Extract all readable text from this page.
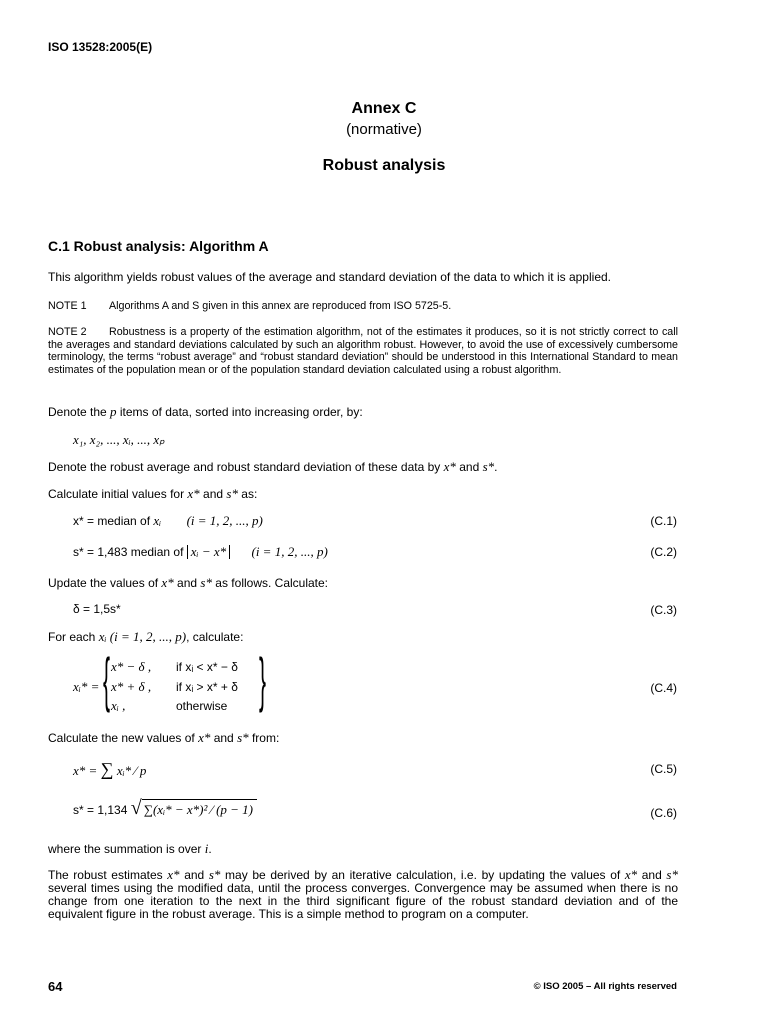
ISO 13528:2005(E)
Annex C
(normative)
Robust analysis
C.1 Robust analysis: Algorithm A
This algorithm yields robust values of the average and standard deviation of the data to which it is applied.
NOTE 1 Algorithms A and S given in this annex are reproduced from ISO 5725-5.
NOTE 2 Robustness is a property of the estimation algorithm, not of the estimates it produces, so it is not strictly correct to call the averages and standard deviations calculated by such an algorithm robust. However, to avoid the use of excessively cumbersome terminology, the terms “robust average” and “robust standard deviation” should be understood in this International Standard to mean estimates of the population mean or of the population standard deviation calculated using a robust algorithm.
Denote the p items of data, sorted into increasing order, by:
x₁, x₂, ..., xᵢ, ..., xₚ
Denote the robust average and robust standard deviation of these data by x* and s*.
Calculate initial values for x* and s* as:
x* = median of xᵢ (i = 1, 2, ..., p)	(C.1)
s* = 1,483 median of xᵢ − x* (i = 1, 2, ..., p)	(C.2)
Update the values of x* and s* as follows. Calculate:
δ = 1,5s*	(C.3)
For each xᵢ (i = 1, 2, ..., p), calculate:
xᵢ* = { x* − δ ,
x* + δ ,
xᵢ ,
if xᵢ < x* − δ
if xᵢ > x* + δ
otherwise }	(C.4)
Calculate the new values of x* and s* from:
x* = ∑ xᵢ* ⁄ p	(C.5)
s* = 1,134 √ ∑(xᵢ* − x*)² ⁄ (p − 1)	(C.6)
where the summation is over i.
The robust estimates x* and s* may be derived by an iterative calculation, i.e. by updating the values of x* and s* several times using the modified data, until the process converges. Convergence may be assumed when there is no change from one iteration to the next in the third significant figure of the robust standard deviation and of the equivalent figure in the robust average. This is a simple method to program on a computer.
64	© ISO 2005 – All rights reserved
